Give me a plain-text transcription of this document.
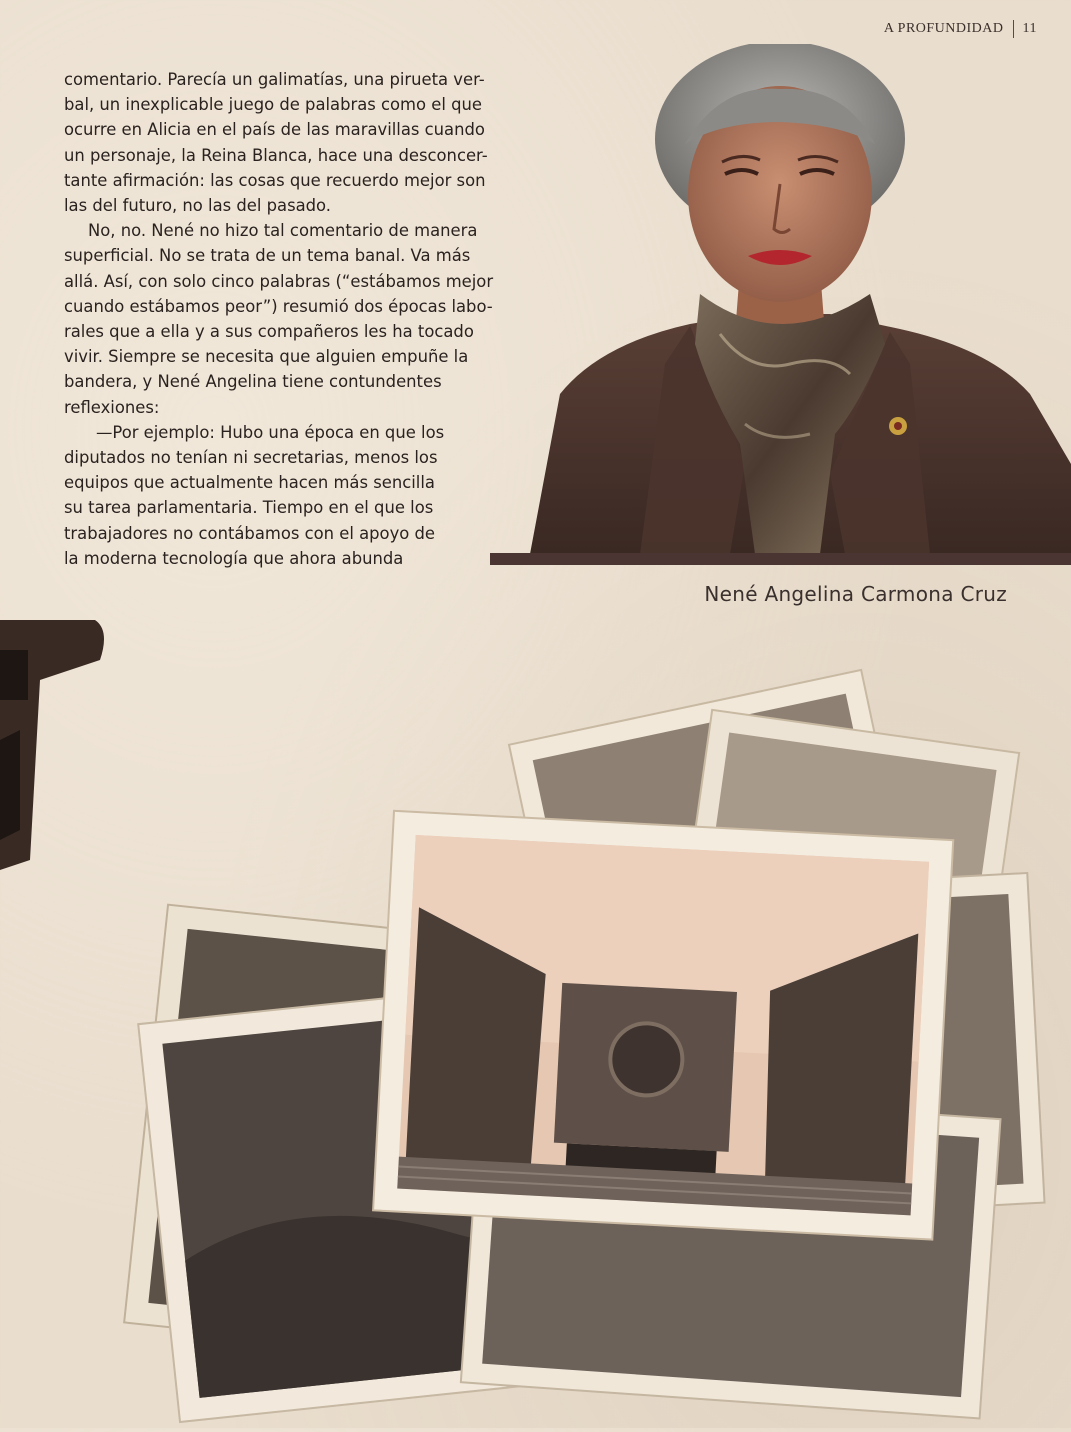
A PROFUNDIDAD 11

comentario. Parecía un galimatías, una pirueta ver-
bal, un inexplicable juego de palabras como el que
ocurre en Alicia en el país de las maravillas cuando
un personaje, la Reina Blanca, hace una desconcer-
tante afirmación: las cosas que recuerdo mejor son
las del futuro, no las del pasado.

No, no. Nené no hizo tal comentario de manera
superficial. No se trata de un tema banal. Va más
allá. Así, con solo cinco palabras (“estábamos mejor
cuando estábamos peor”) resumió dos épocas labo-
rales que a ella y a sus compañeros les ha tocado
vivir. Siempre se necesita que alguien empuñe la
bandera, y Nené Angelina tiene contundentes
reflexiones:

—Por ejemplo: Hubo una época en que los
diputados no tenían ni secretarias, menos los
equipos que actualmente hacen más sencilla
su tarea parlamentaria. Tiempo en el que los
trabajadores no contábamos con el apoyo de
la moderna tecnología que ahora abunda

Nené Angelina Carmona Cruz
